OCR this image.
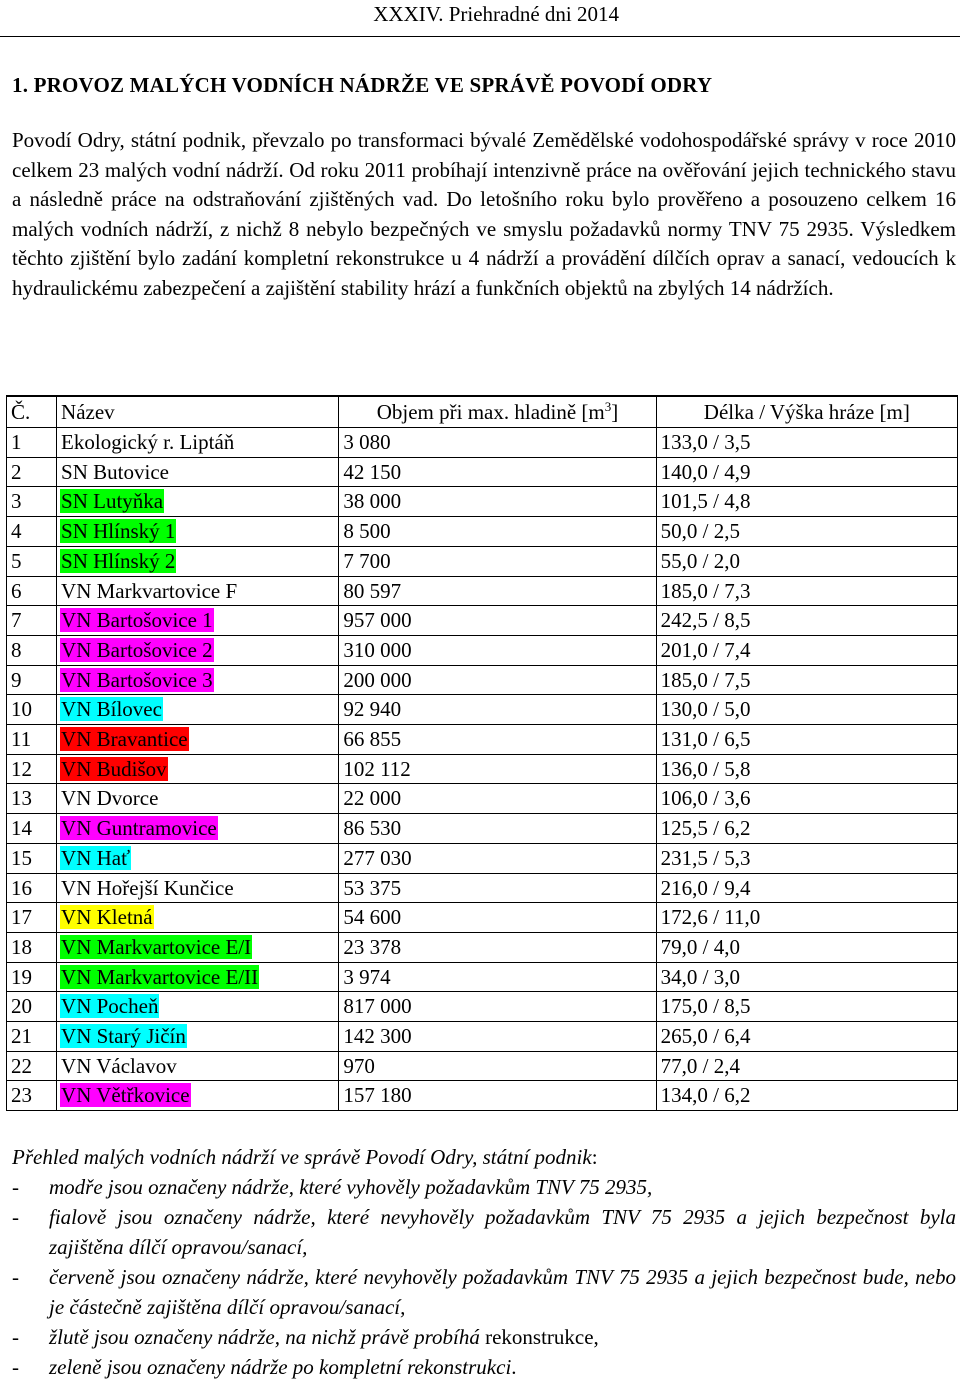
XXXIV. Priehradné dni 2014
1. PROVOZ MALÝCH VODNÍCH NÁDRŽE VE SPRÁVĚ POVODÍ ODRY

Povodí Odry, státní podnik, převzalo po transformaci bývalé Zemědělské vodohospodářské správy v roce 2010 celkem 23 malých vodní nádrží. Od roku 2011 probíhají intenzivně práce na ověřování jejich technického stavu a následně práce na odstraňování zjištěných vad. Do letošního roku bylo prověřeno a posouzeno celkem 16 malých vodních nádrží, z nichž 8 nebylo bezpečných ve smyslu požadavků normy TNV 75 2935. Výsledkem těchto zjištění bylo zadání kompletní rekonstrukce u 4 nádrží a provádění dílčích oprav a sanací, vedoucích k hydraulickému zabezpečení a zajištění stability hrází a funkčních objektů na zbylých 14 nádržích.

Č.	Název	Objem při max. hladině $[m^3]$	Délka / Výška hráze [m]
1	Ekologický r. Liptáň	3 080	133,0 / 3,5
2	SN Butovice	42 150	140,0 / 4,9
3	SN Lutyňka	38 000	101,5 / 4,8
4	SN Hlínský 1	8 500	50,0 / 2,5
5	SN Hlínský 2	7 700	55,0 / 2,0
6	VN Markvartovice F	80 597	185,0 / 7,3
7	VN Bartošovice 1	957 000	242,5 / 8,5
8	VN Bartošovice 2	310 000	201,0 / 7,4
9	VN Bartošovice 3	200 000	185,0 / 7,5
10	VN Bílovec	92 940	130,0 / 5,0
11	VN Bravantice	66 855	131,0 / 6,5
12	VN Budišov	102 112	136,0 / 5,8
13	VN Dvorce	22 000	106,0 / 3,6
14	VN Guntramovice	86 530	125,5 / 6,2
15	VN Hať	277 030	231,5 / 5,3
16	VN Hořejší Kunčice	53 375	216,0 / 9,4
17	VN Kletná	54 600	172,6 / 11,0
18	VN Markvartovice E/I	23 378	79,0 / 4,0
19	VN Markvartovice E/II	3 974	34,0 / 3,0
20	VN Pocheň	817 000	175,0 / 8,5
21	VN Starý Jičín	142 300	265,0 / 6,4
22	VN Václavov	970	77,0 / 2,4
23	VN Větřkovice	157 180	134,0 / 6,2

Přehled malých vodních nádrží ve správě Povodí Odry, státní podnik:

- modře jsou označeny nádrže, které vyhověly požadavkům TNV 75 2935,

- fialově jsou označeny nádrže, které nevyhověly požadavkům TNV 75 2935 a jejich bezpečnost byla zajištěna dílčí opravou/sanací,

- červeně jsou označeny nádrže, které nevyhověly požadavkům TNV 75 2935 a jejich bezpečnost bude, nebo je částečně zajištěna dílčí opravou/sanací,

- žlutě jsou označeny nádrže, na nichž právě probíhá rekonstrukce,

- zeleně jsou označeny nádrže po kompletní rekonstrukci.
